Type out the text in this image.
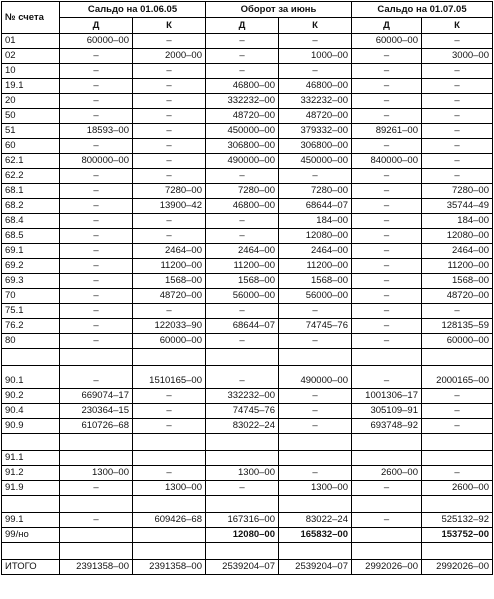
№ счета	Сальдо на 01.06.05		Оборот за июнь		Сальдо на 01.07.05	
	Д	К	Д	К	Д	К
01	60000–00	–	–	–	60000–00	–
02	–	2000–00	–	1000–00	–	3000–00
10	–	–	–	–	–	–
19.1	–	–	46800–00	46800–00	–	–
20	–	–	332232–00	332232–00	–	–
50	–	–	48720–00	48720–00	–	–
51	18593–00	–	450000–00	379332–00	89261–00	–
60	–	–	306800–00	306800–00	–	–
62.1	800000–00	–	490000–00	450000–00	840000–00	–
62.2	–	–	–	–	–	–
68.1	–	7280–00	7280–00	7280–00	–	7280–00
68.2	–	13900–42	46800–00	68644–07	–	35744–49
68.4	–	–	–	184–00	–	184–00
68.5	–	–	–	12080–00	–	12080–00
69.1	–	2464–00	2464–00	2464–00	–	2464–00
69.2	–	11200–00	11200–00	11200–00	–	11200–00
69.3	–	1568–00	1568–00	1568–00	–	1568–00
70	–	48720–00	56000–00	56000–00	–	48720–00
75.1	–	–	–	–	–	–
76.2	–	122033–90	68644–07	74745–76	–	128135–59
80	–	60000–00	–	–	–	60000–00

90.1	–	1510165–00	–	490000–00	–	2000165–00
90.2	669074–17	–	332232–00	–	1001306–17	–
90.4	230364–15	–	74745–76	–	305109–91	–
90.9	610726–68	–	83022–24	–	693748–92	–

91.1						
91.2	1300–00	–	1300–00	–	2600–00	–
91.9	–	1300–00	–	1300–00	–	2600–00

99.1	–	609426–68	167316–00	83022–24	–	525132–92
99/но			12080–00	165832–00		153752–00

ИТОГО	2391358–00	2391358–00	2539204–07	2539204–07	2992026–00	2992026–00
